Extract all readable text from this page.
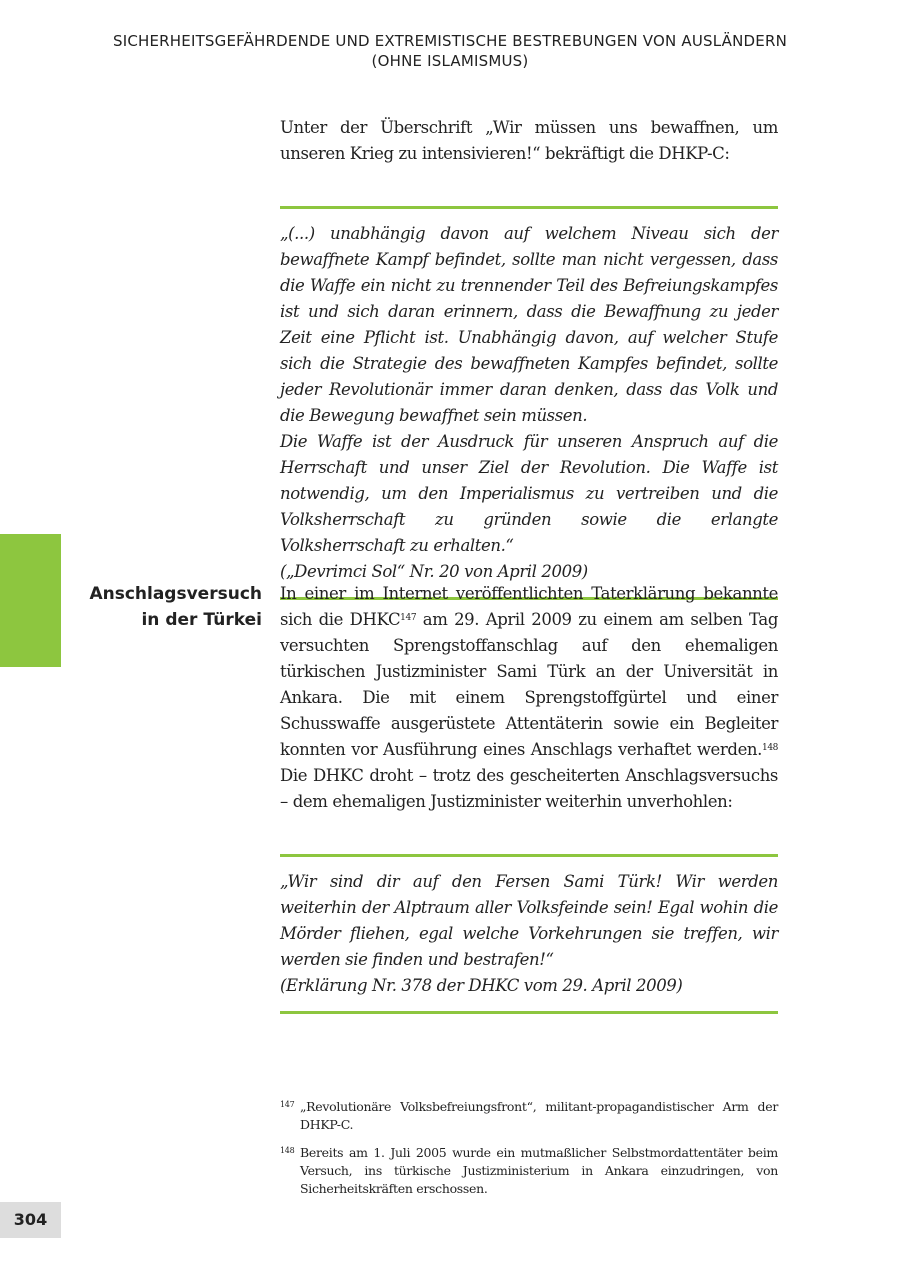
SICHERHEITSGEFÄHRDENDE UND EXTREMISTISCHE BESTREBUNGEN VON AUSLÄNDERN
(OHNE ISLAMISMUS)

Unter der Überschrift „Wir müssen uns bewaffnen, um unseren Krieg zu intensivieren!“ bekräftigt die DHKP-C:

„(...) unabhängig davon auf welchem Niveau sich der bewaffnete Kampf befindet, sollte man nicht vergessen, dass die Waffe ein nicht zu trennender Teil des Befreiungskampfes ist und sich daran erinnern, dass die Bewaffnung zu jeder Zeit eine Pflicht ist. Unabhängig davon, auf welcher Stufe sich die Strategie des bewaffneten Kampfes befindet, sollte jeder Revolutionär immer daran denken, dass das Volk und die Bewegung bewaffnet sein müssen.

Die Waffe ist der Ausdruck für unseren Anspruch auf die Herrschaft und unser Ziel der Revolution. Die Waffe ist notwendig, um den Imperialismus zu vertreiben und die Volksherrschaft zu gründen sowie die erlangte Volksherrschaft zu erhalten.“

(„Devrimci Sol“ Nr. 20 von April 2009)

Anschlagsversuch
in der Türkei

In einer im Internet veröffentlichten Taterklärung bekannte sich die DHKC$^{147}$ am 29. April 2009 zu einem am selben Tag versuchten Sprengstoffanschlag auf den ehemaligen türkischen Justizminister Sami Türk an der Universität in Ankara. Die mit einem Sprengstoffgürtel und einer Schusswaffe ausgerüstete Attentäterin sowie ein Begleiter konnten vor Ausführung eines Anschlags verhaftet werden.$^{148}$ Die DHKC droht – trotz des gescheiterten Anschlagsversuchs – dem ehemaligen Justizminister weiterhin unverhohlen:

„Wir sind dir auf den Fersen Sami Türk! Wir werden weiterhin der Alptraum aller Volksfeinde sein! Egal wohin die Mörder fliehen, egal welche Vorkehrungen sie treffen, wir werden sie finden und bestrafen!“

(Erklärung Nr. 378 der DHKC vom 29. April 2009)

147 „Revolutionäre Volksbefreiungsfront“, militant-propagandistischer Arm der DHKP-C.
148 Bereits am 1. Juli 2005 wurde ein mutmaßlicher Selbstmordattentäter beim Versuch, ins türkische Justizministerium in Ankara einzudringen, von Sicherheitskräften erschossen.
304
